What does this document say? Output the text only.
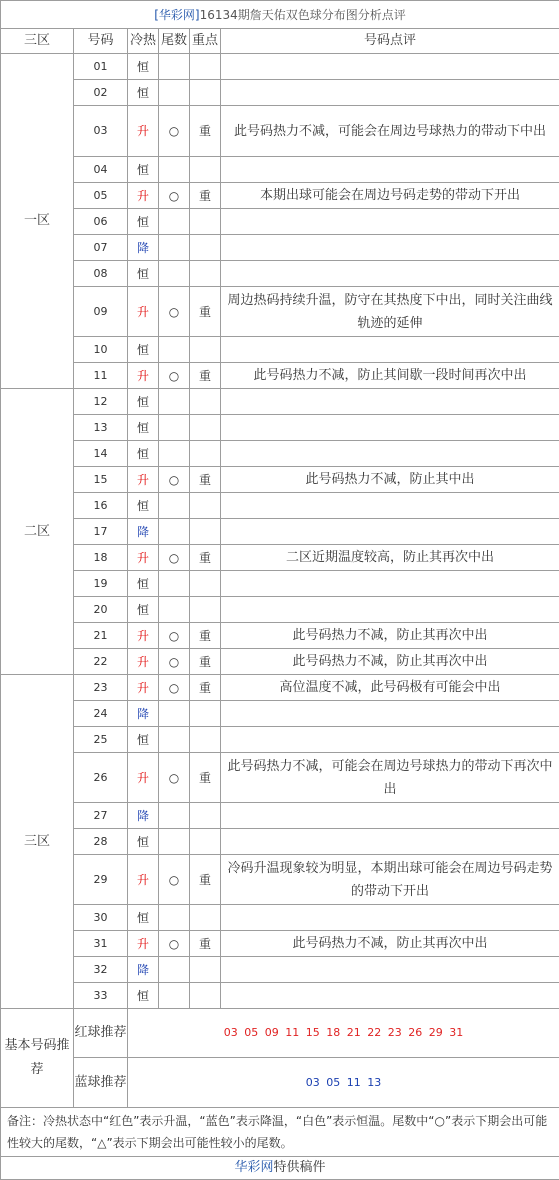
[华彩网]16134期詹天佑双色球分布图分析点评					
三区	号码	冷热	尾数	重点	号码点评
一区	01	恒			
	02	恒			
	03	升	○	重	此号码热力不减，可能会在周边号球热力的带动下中出
	04	恒			
	05	升	○	重	本期出球可能会在周边号码走势的带动下开出
	06	恒			
	07	降			
	08	恒			
	09	升	○	重	周边热码持续升温，防守在其热度下中出，同时关注曲线轨迹的延伸
	10	恒			
	11	升	○	重	此号码热力不减，防止其间歇一段时间再次中出
二区	12	恒			
	13	恒			
	14	恒			
	15	升	○	重	此号码热力不减，防止其中出
	16	恒			
	17	降			
	18	升	○	重	二区近期温度较高，防止其再次中出
	19	恒			
	20	恒			
	21	升	○	重	此号码热力不减，防止其再次中出
	22	升	○	重	此号码热力不减，防止其再次中出
三区	23	升	○	重	高位温度不减，此号码极有可能会中出
	24	降			
	25	恒			
	26	升	○	重	此号码热力不减，可能会在周边号球热力的带动下再次中出
	27	降			
	28	恒			
	29	升	○	重	冷码升温现象较为明显，本期出球可能会在周边号码走势的带动下开出
	30	恒			
	31	升	○	重	此号码热力不减，防止其再次中出
	32	降			
	33	恒			
基本号码推荐	红球推荐	03 05 09 11 15 18 21 22 23 26 29 31			
	蓝球推荐	03 05 11 13			
备注：冷热状态中“红色”表示升温，“蓝色”表示降温，“白色”表示恒温。尾数中“○”表示下期会出可能性较大的尾数，“△”表示下期会出可能性较小的尾数。					
华彩网特供稿件					
